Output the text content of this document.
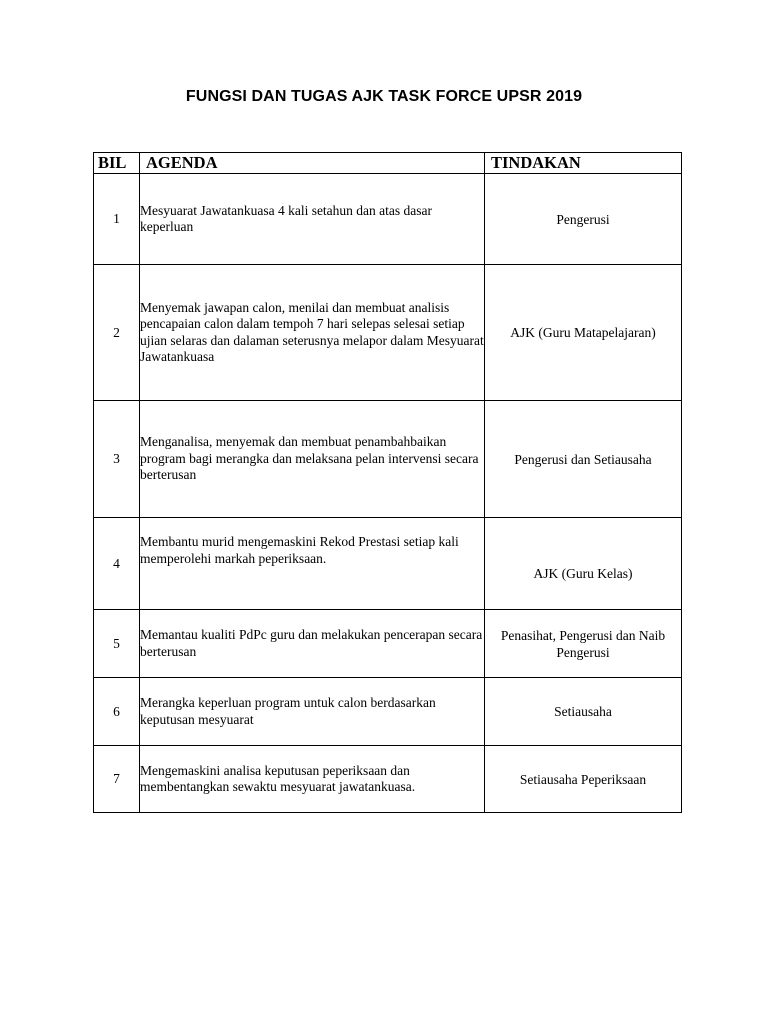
FUNGSI DAN TUGAS AJK TASK FORCE UPSR 2019
BIL	AGENDA	TINDAKAN
1	Mesyuarat Jawatankuasa 4 kali setahun dan atas dasar keperluan	Pengerusi
2	Menyemak jawapan calon, menilai dan membuat analisis pencapaian calon dalam tempoh 7 hari selepas selesai setiap ujian selaras dan dalaman seterusnya melapor dalam Mesyuarat Jawatankuasa	AJK (Guru Matapelajaran)
3	Menganalisa, menyemak dan membuat penambahbaikan program bagi merangka dan melaksana pelan intervensi secara berterusan	Pengerusi dan Setiausaha
4	Membantu murid mengemaskini Rekod Prestasi setiap kali memperolehi markah peperiksaan.	AJK (Guru Kelas)
5	Memantau kualiti PdPc guru dan melakukan pencerapan secara berterusan	Penasihat, Pengerusi dan Naib Pengerusi
6	Merangka keperluan program untuk calon berdasarkan keputusan mesyuarat	Setiausaha
7	Mengemaskini analisa keputusan peperiksaan dan membentangkan sewaktu mesyuarat jawatankuasa.	Setiausaha Peperiksaan
